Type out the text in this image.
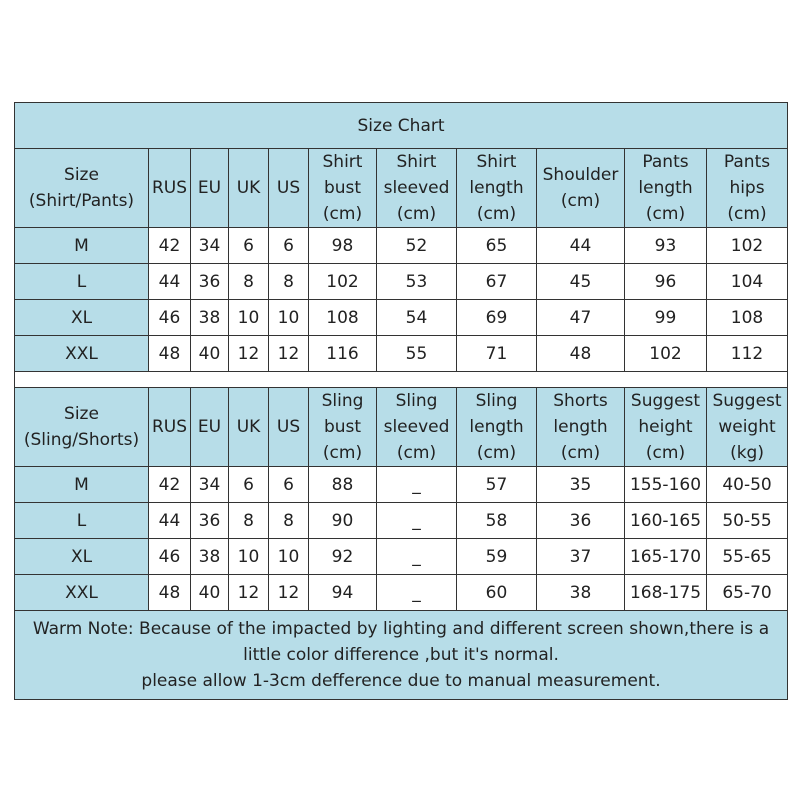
Size Chart										
Size
(Shirt/Pants)	RUS	EU	UK	US	Shirt
bust
(cm)	Shirt
sleeved
(cm)	Shirt
length
(cm)	Shoulder
(cm)	Pants
length
(cm)	Pants
hips
(cm)
M	42	34	6	6	98	52	65	44	93	102
L	44	36	8	8	102	53	67	45	96	104
XL	46	38	10	10	108	54	69	47	99	108
XXL	48	40	12	12	116	55	71	48	102	112

Size
(Sling/Shorts)	RUS	EU	UK	US	Sling
bust
(cm)	Sling
sleeved
(cm)	Sling
length
(cm)	Shorts
length
(cm)	Suggest
height
(cm)	Suggest
weight
(kg)
M	42	34	6	6	88	_	57	35	155-160	40-50
L	44	36	8	8	90	_	58	36	160-165	50-55
XL	46	38	10	10	92	_	59	37	165-170	55-65
XXL	48	40	12	12	94	_	60	38	168-175	65-70
Warm Note: Because of the impacted by lighting and different screen shown,there is a
little color difference ,but it's normal.
please allow 1-3cm defference due to manual measurement.										
